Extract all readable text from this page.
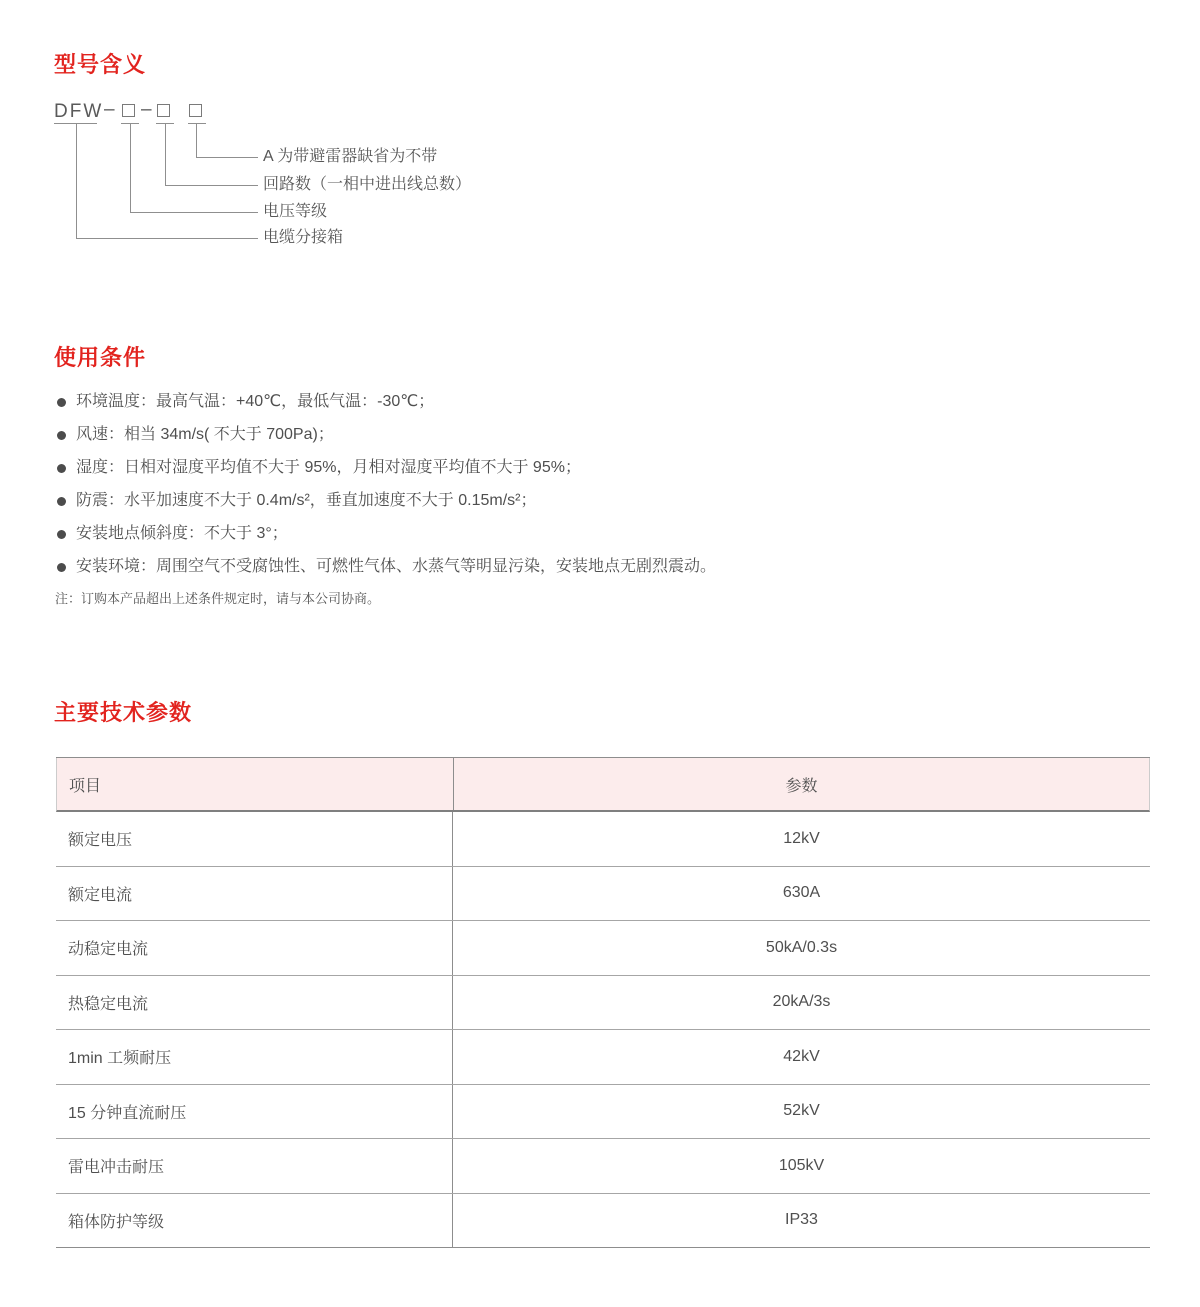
型号含义
DFW – –
A 为带避雷器缺省为不带
回路数（一相中进出线总数）
电压等级
电缆分接箱
使用条件
环境温度：最高气温：+40℃，最低气温：-30℃；
风速：相当 34m/s( 不大于 700Pa)；
湿度：日相对湿度平均值不大于 95%，月相对湿度平均值不大于 95%；
防震：水平加速度不大于 0.4m/s²，垂直加速度不大于 0.15m/s²；
安装地点倾斜度：不大于 3°；
安装环境：周围空气不受腐蚀性、可燃性气体、水蒸气等明显污染，安装地点无剧烈震动。
注：订购本产品超出上述条件规定时，请与本公司协商。
主要技术参数
项目	参数
额定电压	12kV
额定电流	630A
动稳定电流	50kA/0.3s
热稳定电流	20kA/3s
1min 工频耐压	42kV
15 分钟直流耐压	52kV
雷电冲击耐压	105kV
箱体防护等级	IP33
